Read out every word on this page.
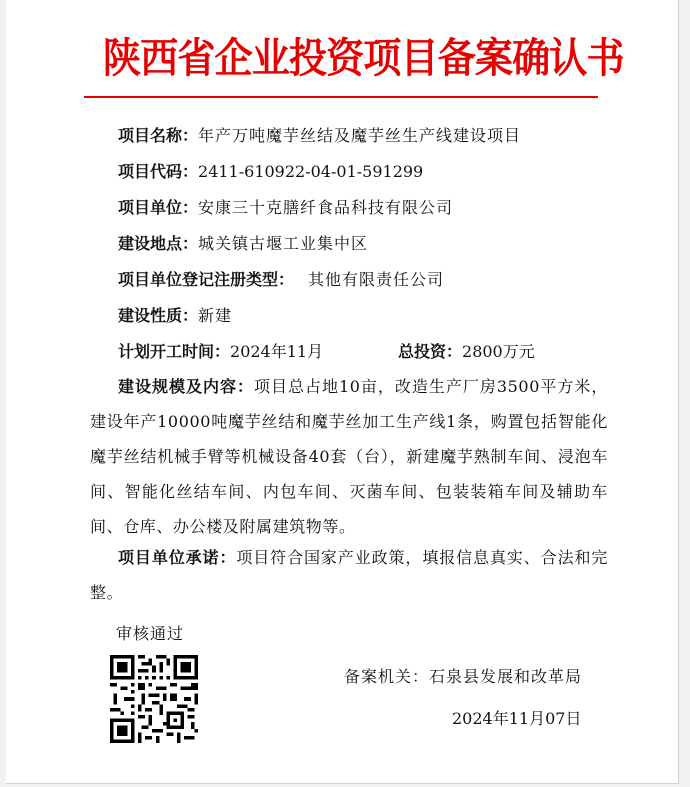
陕西省企业投资项目备案确认书
项目名称：年产万吨魔芋丝结及魔芋丝生产线建设项目
项目代码：2411-610922-04-01-591299
项目单位：安康三十克膳纤食品科技有限公司
建设地点：城关镇古堰工业集中区
项目单位登记注册类型： 其他有限责任公司
建设性质：新建
计划开工时间：2024年11月	总投资：2800万元
建设规模及内容：项目总占地10亩，改造生产厂房3500平方米，建设年产10000吨魔芋丝结和魔芋丝加工生产线1条，购置包括智能化魔芋丝结机械手臂等机械设备40套（台），新建魔芋熟制车间、浸泡车间、智能化丝结车间、内包车间、灭菌车间、包装装箱车间及辅助车间、仓库、办公楼及附属建筑物等。
项目单位承诺：项目符合国家产业政策，填报信息真实、合法和完整。
审核通过
备案机关：石泉县发展和改革局
2024年11月07日
